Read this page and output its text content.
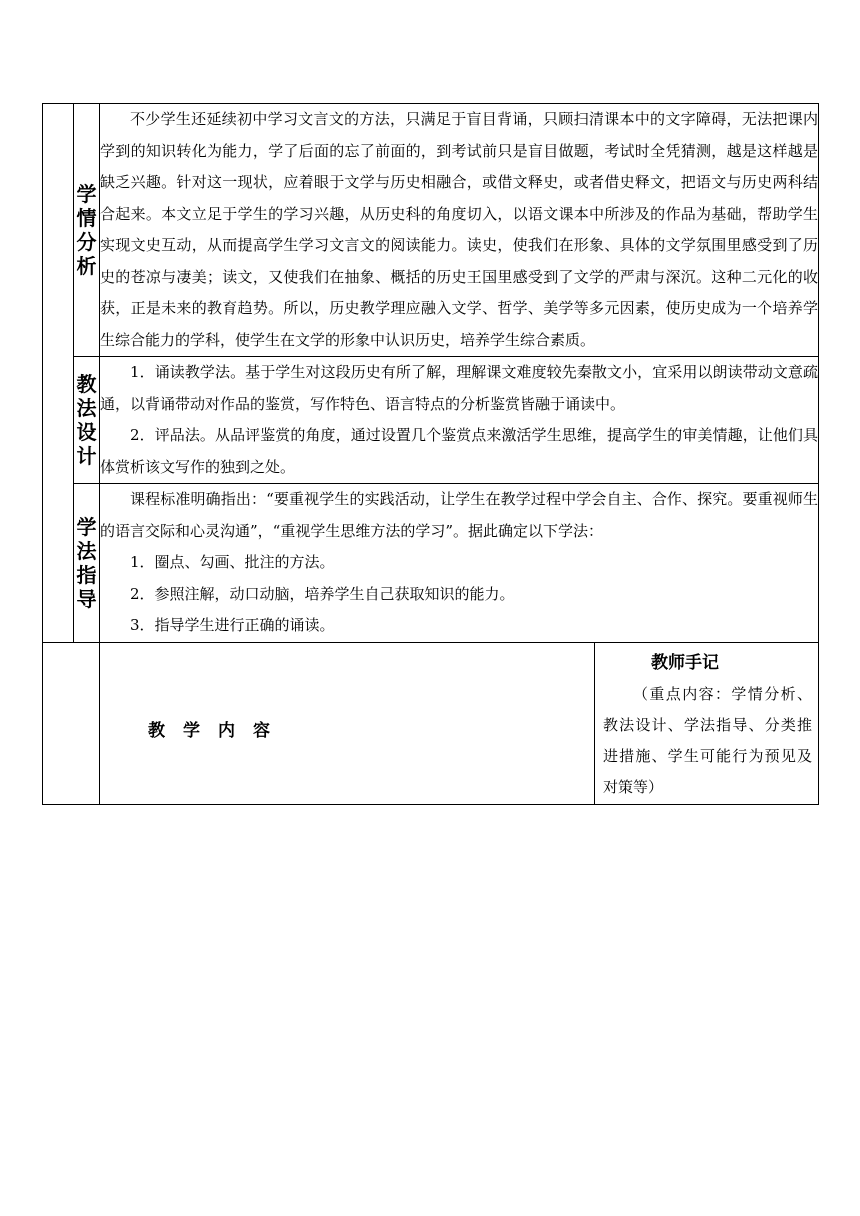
	学情分析	不少学生还延续初中学习文言文的方法，只满足于盲目背诵，只顾扫清课本中的文字障碍，无法把课内学到的知识转化为能力，学了后面的忘了前面的，到考试前只是盲目做题，考试时全凭猜测，越是这样越是缺乏兴趣。针对这一现状，应着眼于文学与历史相融合，或借文释史，或者借史释文，把语文与历史两科结合起来。本文立足于学生的学习兴趣，从历史科的角度切入，以语文课本中所涉及的作品为基础，帮助学生实现文史互动，从而提高学生学习文言文的阅读能力。读史，使我们在形象、具体的文学氛围里感受到了历史的苍凉与凄美；读文，又使我们在抽象、概括的历史王国里感受到了文学的严肃与深沉。这种二元化的收获，正是未来的教育趋势。所以，历史教学理应融入文学、哲学、美学等多元因素，使历史成为一个培养学生综合能力的学科，使学生在文学的形象中认识历史，培养学生综合素质。	

	教法设计	1．诵读教学法。基于学生对这段历史有所了解，理解课文难度较先秦散文小，宜采用以朗读带动文意疏通，以背诵带动对作品的鉴赏，写作特色、语言特点的分析鉴赏皆融于诵读中。

2．评品法。从品评鉴赏的角度，通过设置几个鉴赏点来激活学生思维，提高学生的审美情趣，让他们具体赏析该文写作的独到之处。	

	学法指导	课程标准明确指出：“要重视学生的实践活动，让学生在教学过程中学会自主、合作、探究。要重视师生的语言交际和心灵沟通”，“重视学生思维方法的学习”。据此确定以下学法：

1．圈点、勾画、批注的方法。

2．参照注解，动口动脑，培养学生自己获取知识的能力。

3．指导学生进行正确的诵读。	

		教学内容	教师手记

（重点内容：学情分析、教法设计、学法指导、分类推进措施、学生可能行为预见及对策等）
